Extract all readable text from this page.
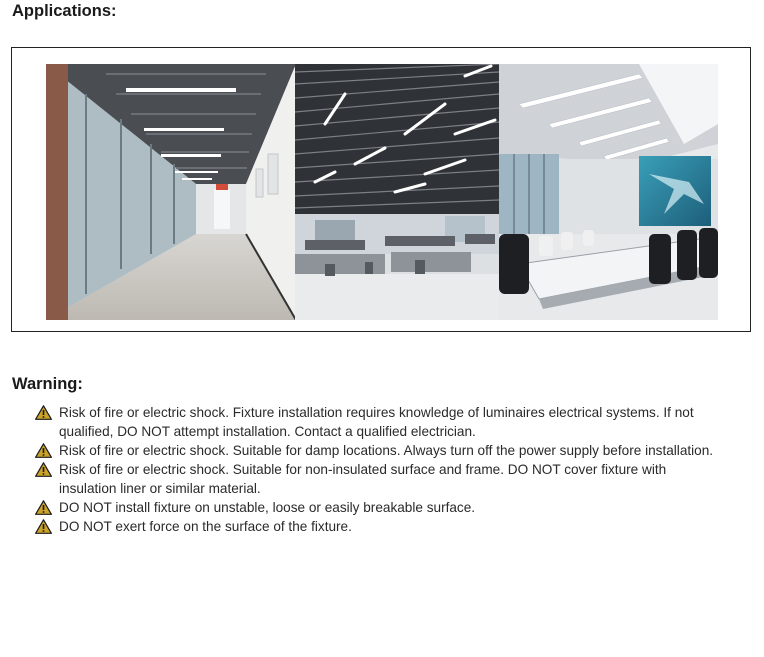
Applications:
Warning:
Risk of fire or electric shock. Fixture installation requires knowledge of luminaires electrical systems. If not qualified, DO NOT attempt installation. Contact a qualified electrician.
Risk of fire or electric shock. Suitable for damp locations. Always turn off the power supply before installation.
Risk of fire or electric shock. Suitable for non-insulated surface and frame. DO NOT cover fixture with insulation liner or similar material.
DO NOT install fixture on unstable, loose or easily breakable surface.
DO NOT exert force on the surface of the fixture.
